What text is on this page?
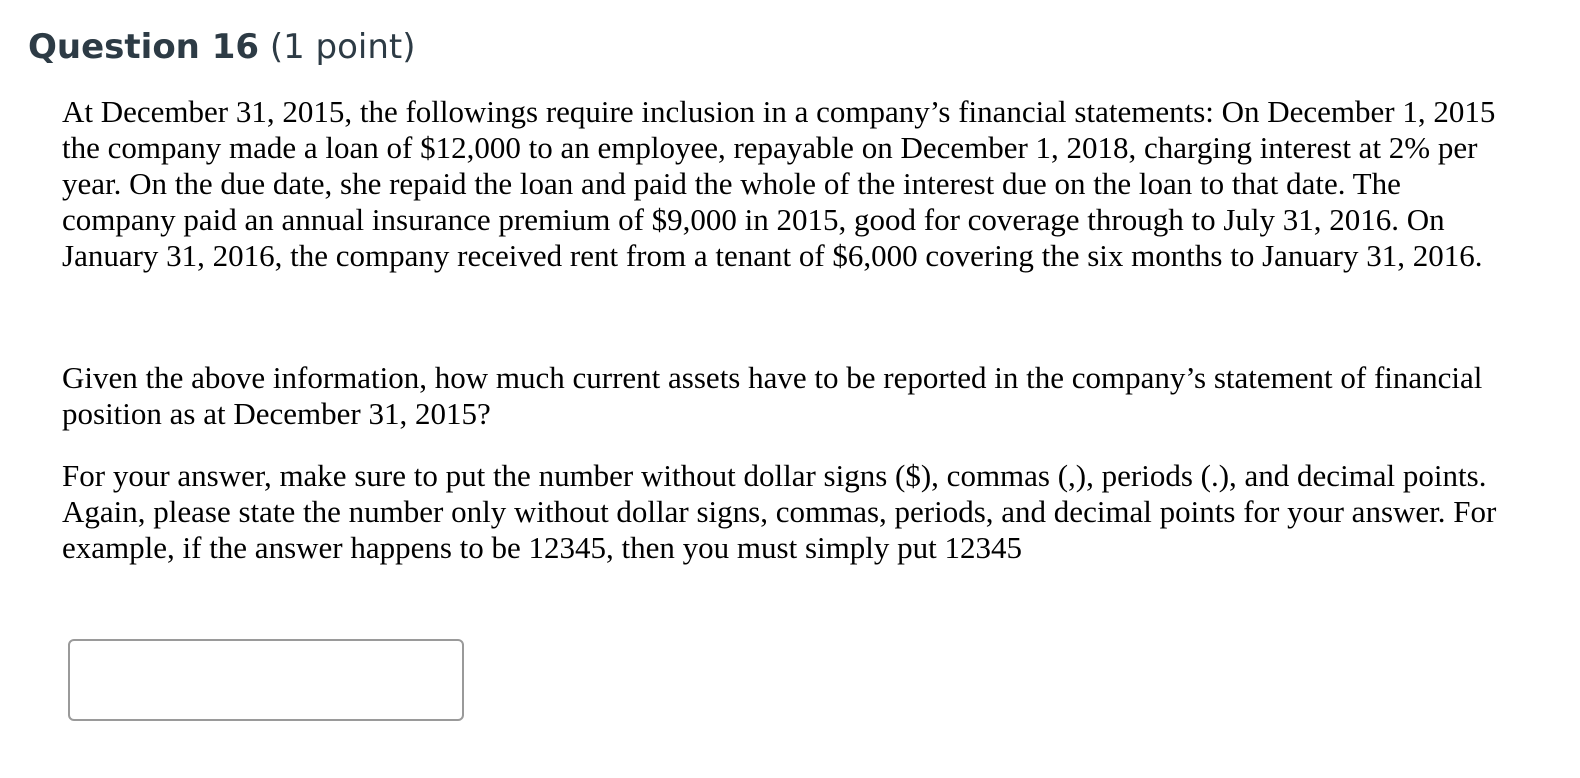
Question 16 (1 point)

At December 31, 2015, the followings require inclusion in a company’s financial statements: On December 1, 2015 the company made a loan of $12,000 to an employee, repayable on December 1, 2018, charging interest at 2% per year. On the due date, she repaid the loan and paid the whole of the interest due on the loan to that date. The company paid an annual insurance premium of $9,000 in 2015, good for coverage through to July 31, 2016. On January 31, 2016, the company received rent from a tenant of $6,000 covering the six months to January 31, 2016.

Given the above information, how much current assets have to be reported in the company’s statement of financial position as at December 31, 2015?

For your answer, make sure to put the number without dollar signs ($), commas (,), periods (.), and decimal points. Again, please state the number only without dollar signs, commas, periods, and decimal points for your answer. For example, if the answer happens to be 12345, then you must simply put 12345
